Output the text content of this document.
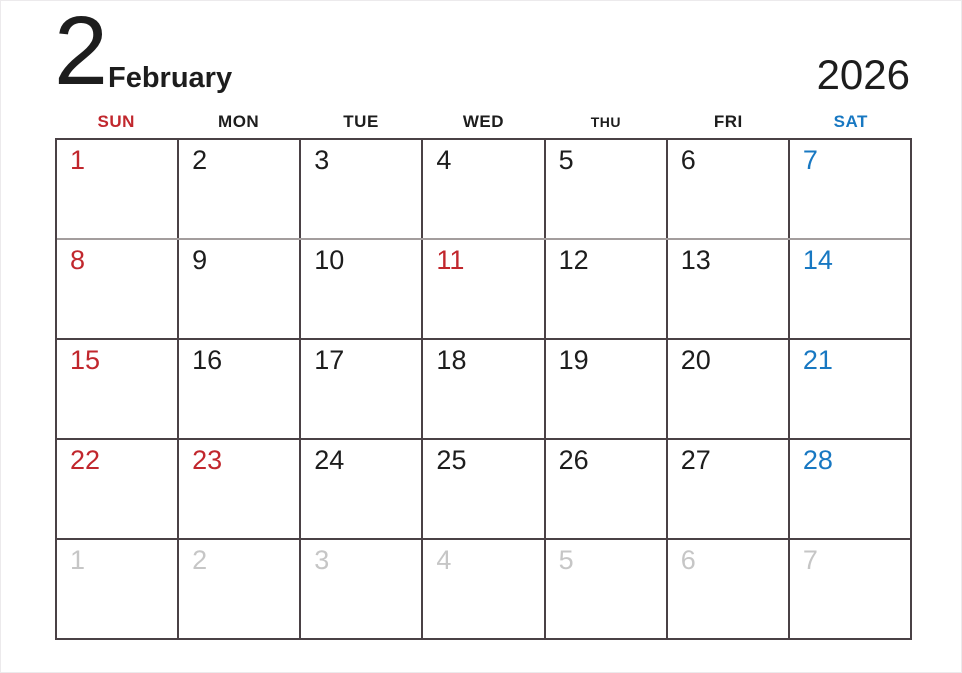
2 February	2026
SUN	MON	TUE	WED	THU	FRI	SAT
1	2	3	4	5	6	7
8	9	10	11	12	13	14
15	16	17	18	19	20	21
22	23	24	25	26	27	28
1	2	3	4	5	6	7
